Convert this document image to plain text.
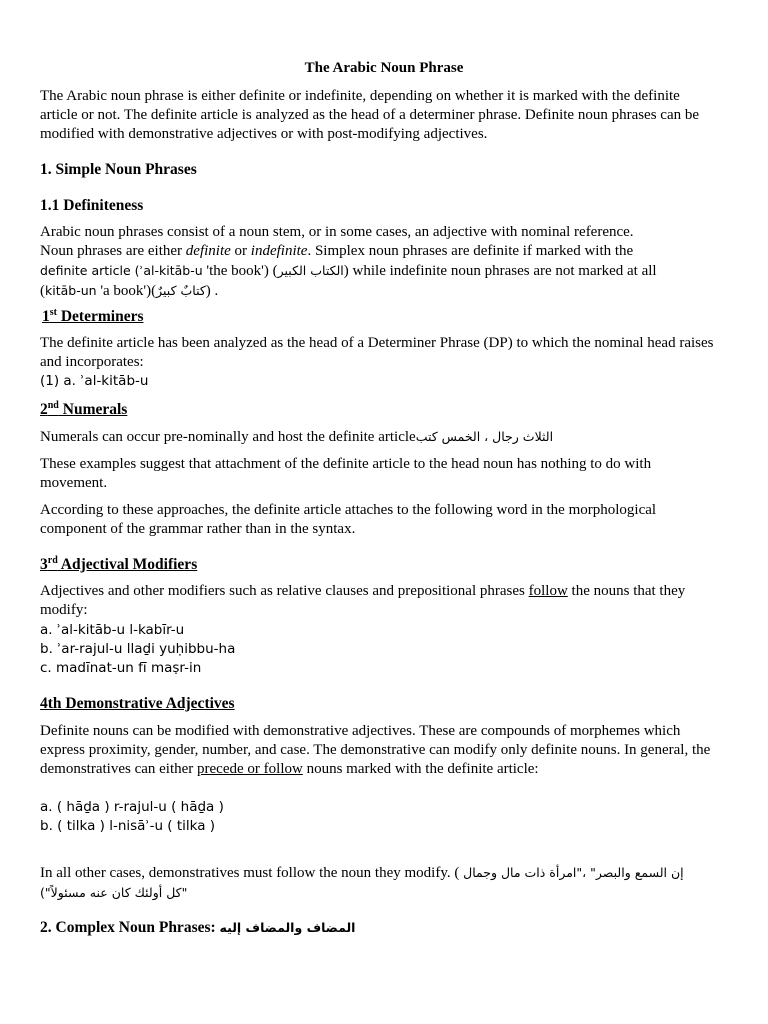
The Arabic Noun Phrase

The Arabic noun phrase is either definite or indefinite, depending on whether it is marked with the definite article or not. The definite article is analyzed as the head of a determiner phrase. Definite noun phrases can be modified with demonstrative adjectives or with post-modifying adjectives.

1. Simple Noun Phrases
1.1 Definiteness
Arabic noun phrases consist of a noun stem, or in some cases, an adjective with nominal reference.
Noun phrases are either definite or indefinite. Simplex noun phrases are definite if marked with the
definite article (ʾal-kitāb-u 'the book') (الكتاب الكبير) while indefinite noun phrases are not marked at all
(kitāb-un 'a book')(كتابٌ كبيرٌ) .
1st Determiners

The definite article has been analyzed as the head of a Determiner Phrase (DP) to which the nominal head raises and incorporates:

(1) a. ʾal-kitāb-u
2nd Numerals
Numerals can occur pre-nominally and host the definite articleالثلاث رجال ، الخمس كتب

These examples suggest that attachment of the definite article to the head noun has nothing to do with movement.

According to these approaches, the definite article attaches to the following word in the morphological component of the grammar rather than in the syntax.

3rd Adjectival Modifiers
Adjectives and other modifiers such as relative clauses and prepositional phrases follow the nouns that they modify:
a. ʾal-kitāb-u l-kabīr-u
b. ʾar-rajul-u llaḏi yuḥibbu-ha
c. madīnat-un fī maṣr-in
4th Demonstrative Adjectives
Definite nouns can be modified with demonstrative adjectives. These are compounds of morphemes which express proximity, gender, number, and case. The demonstrative can modify only definite nouns. In general, the demonstratives can either precede or follow nouns marked with the definite article:
a. ( hāḏa ) r-rajul-u ( hāḏa )
b. ( tilka ) l-nisāʾ-u ( tilka )
In all other cases, demonstratives must follow the noun they modify. ( إن السمع والبصر" ،"امرأة ذات مال وجمال
"كل أولئك كان عنه مسئولاً")
2. Complex Noun Phrases: المضاف والمضاف إليه
